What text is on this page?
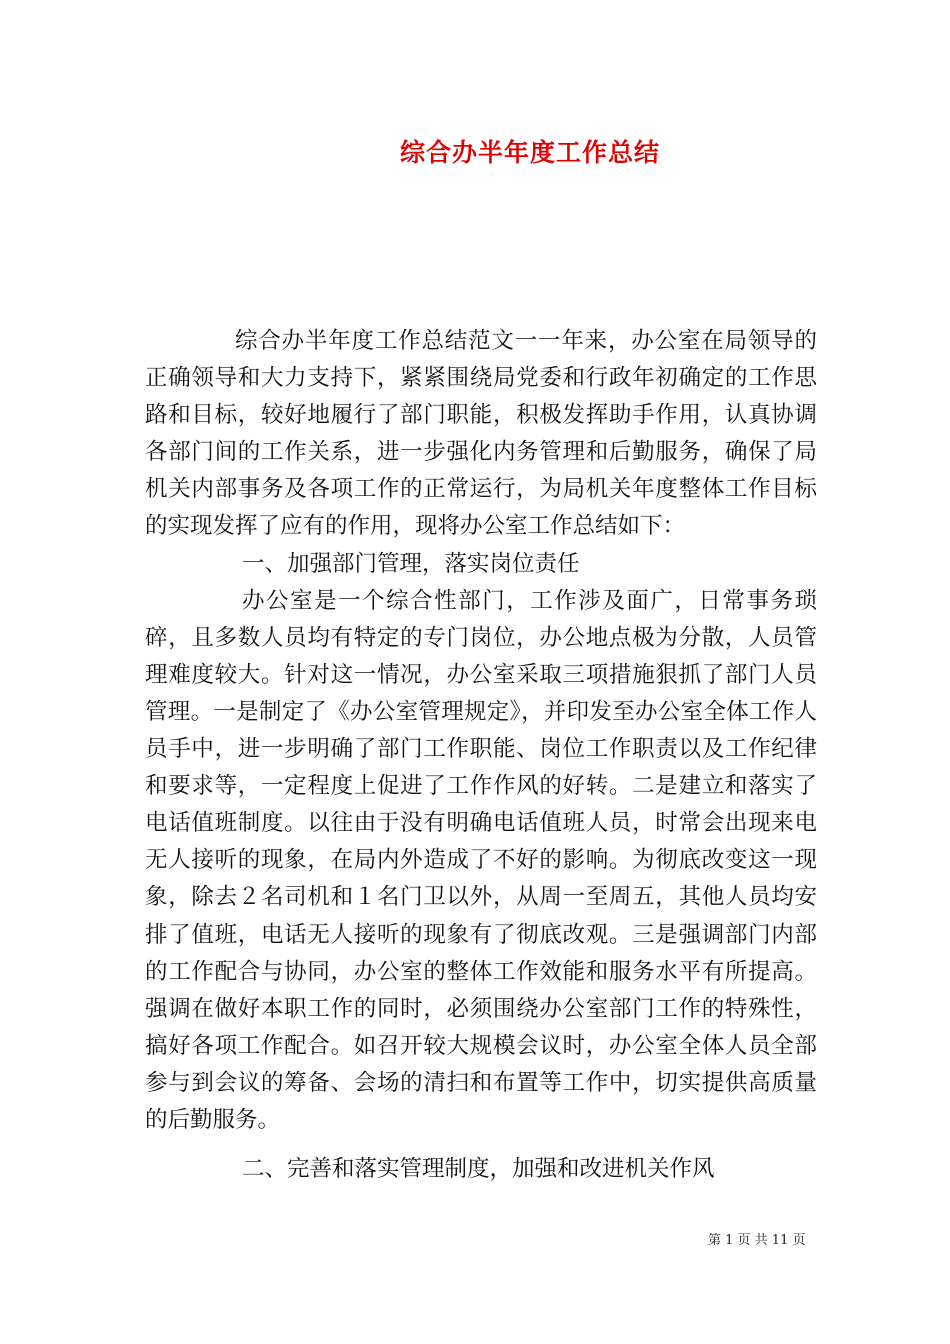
综合办半年度工作总结

综合办半年度工作总结范文一一年来，办公室在局领导的正确领导和大力支持下，紧紧围绕局党委和行政年初确定的工作思路和目标，较好地履行了部门职能，积极发挥助手作用，认真协调各部门间的工作关系，进一步强化内务管理和后勤服务，确保了局机关内部事务及各项工作的正常运行，为局机关年度整体工作目标的实现发挥了应有的作用，现将办公室工作总结如下：

一、加强部门管理，落实岗位责任

办公室是一个综合性部门，工作涉及面广，日常事务琐碎，且多数人员均有特定的专门岗位，办公地点极为分散，人员管理难度较大。针对这一情况，办公室采取三项措施狠抓了部门人员管理。一是制定了《办公室管理规定》，并印发至办公室全体工作人员手中，进一步明确了部门工作职能、岗位工作职责以及工作纪律和要求等，一定程度上促进了工作作风的好转。二是建立和落实了电话值班制度。以往由于没有明确电话值班人员，时常会出现来电无人接听的现象，在局内外造成了不好的影响。为彻底改变这一现象，除去２名司机和１名门卫以外，从周一至周五，其他人员均安排了值班，电话无人接听的现象有了彻底改观。三是强调部门内部的工作配合与协同，办公室的整体工作效能和服务水平有所提高。强调在做好本职工作的同时，必须围绕办公室部门工作的特殊性，搞好各项工作配合。如召开较大规模会议时，办公室全体人员全部参与到会议的筹备、会场的清扫和布置等工作中，切实提供高质量的后勤服务。

二、完善和落实管理制度，加强和改进机关作风

第 1 页 共 11 页
